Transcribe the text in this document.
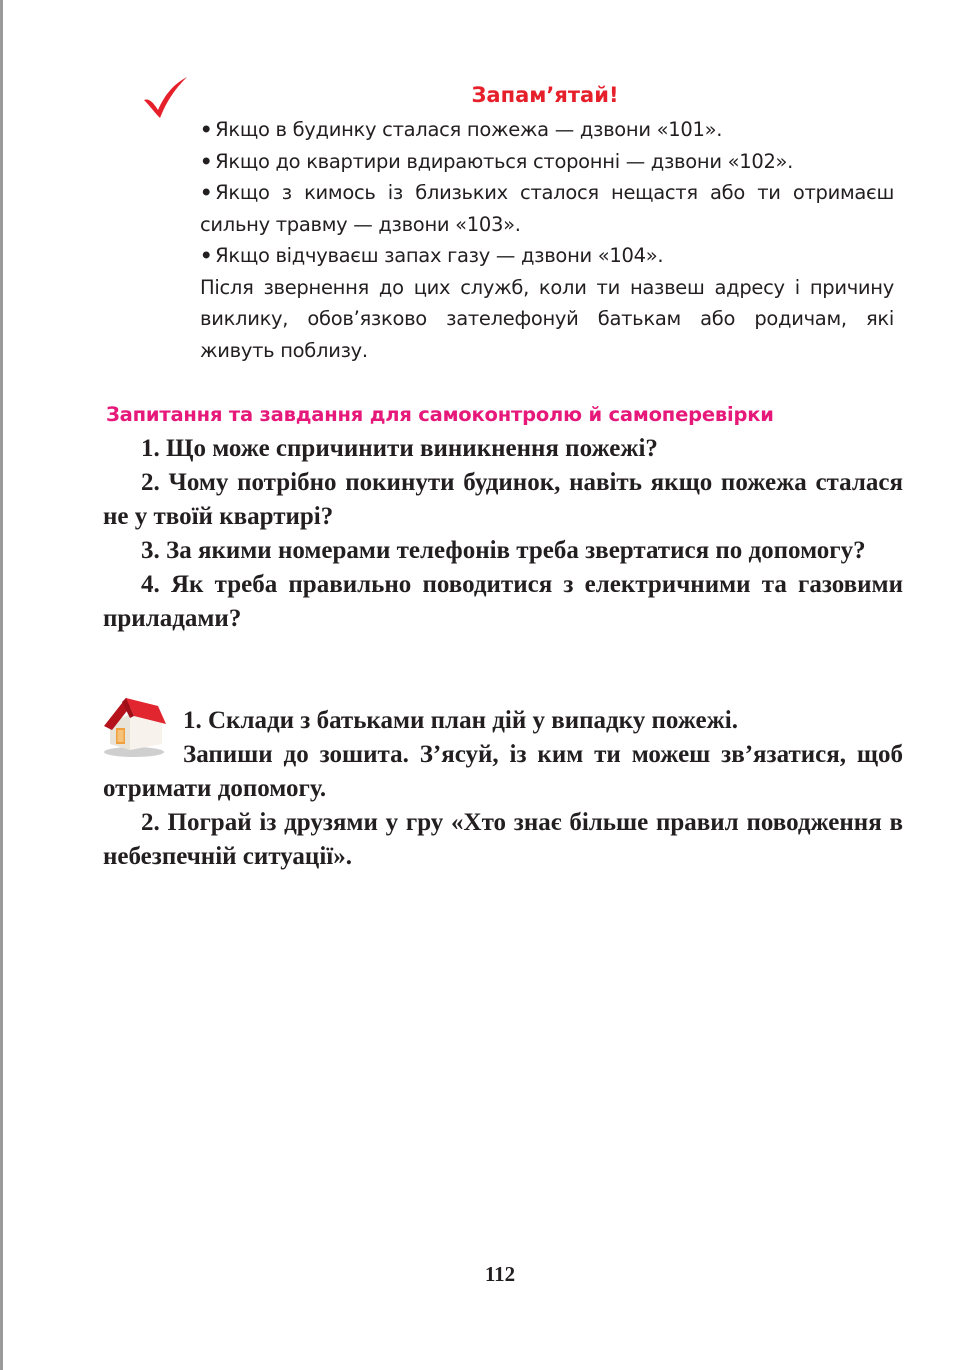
Запам’ятай!

• Якщо в будинку сталася пожежа — дзвони «101».

• Якщо до квартири вдираються сторонні — дзвони «102».

• Якщо з кимось із близьких сталося нещастя або ти отримаєш сильну травму — дзвони «103».

• Якщо відчуваєш запах газу — дзвони «104».

Після звернення до цих служб, коли ти назвеш адресу і причину виклику, обов’язково зателефонуй батькам або родичам, які живуть поблизу.

Запитання та завдання для самоконтролю й самоперевірки

1. Що може спричинити виникнення пожежі?

2. Чому потрібно покинути будинок, навіть якщо пожежа сталася не у твоїй квартирі?

3. За якими номерами телефонів треба звертатися по допомогу?

4. Як треба правильно поводитися з електричними та газовими приладами?

1. Склади з батьками план дій у випадку пожежі.

Запиши до зошита. З’ясуй, із ким ти можеш зв’язатися, щоб отримати допомогу.

2. Пограй із друзями у гру «Хто знає більше правил поводження в небезпечній ситуації».

112
